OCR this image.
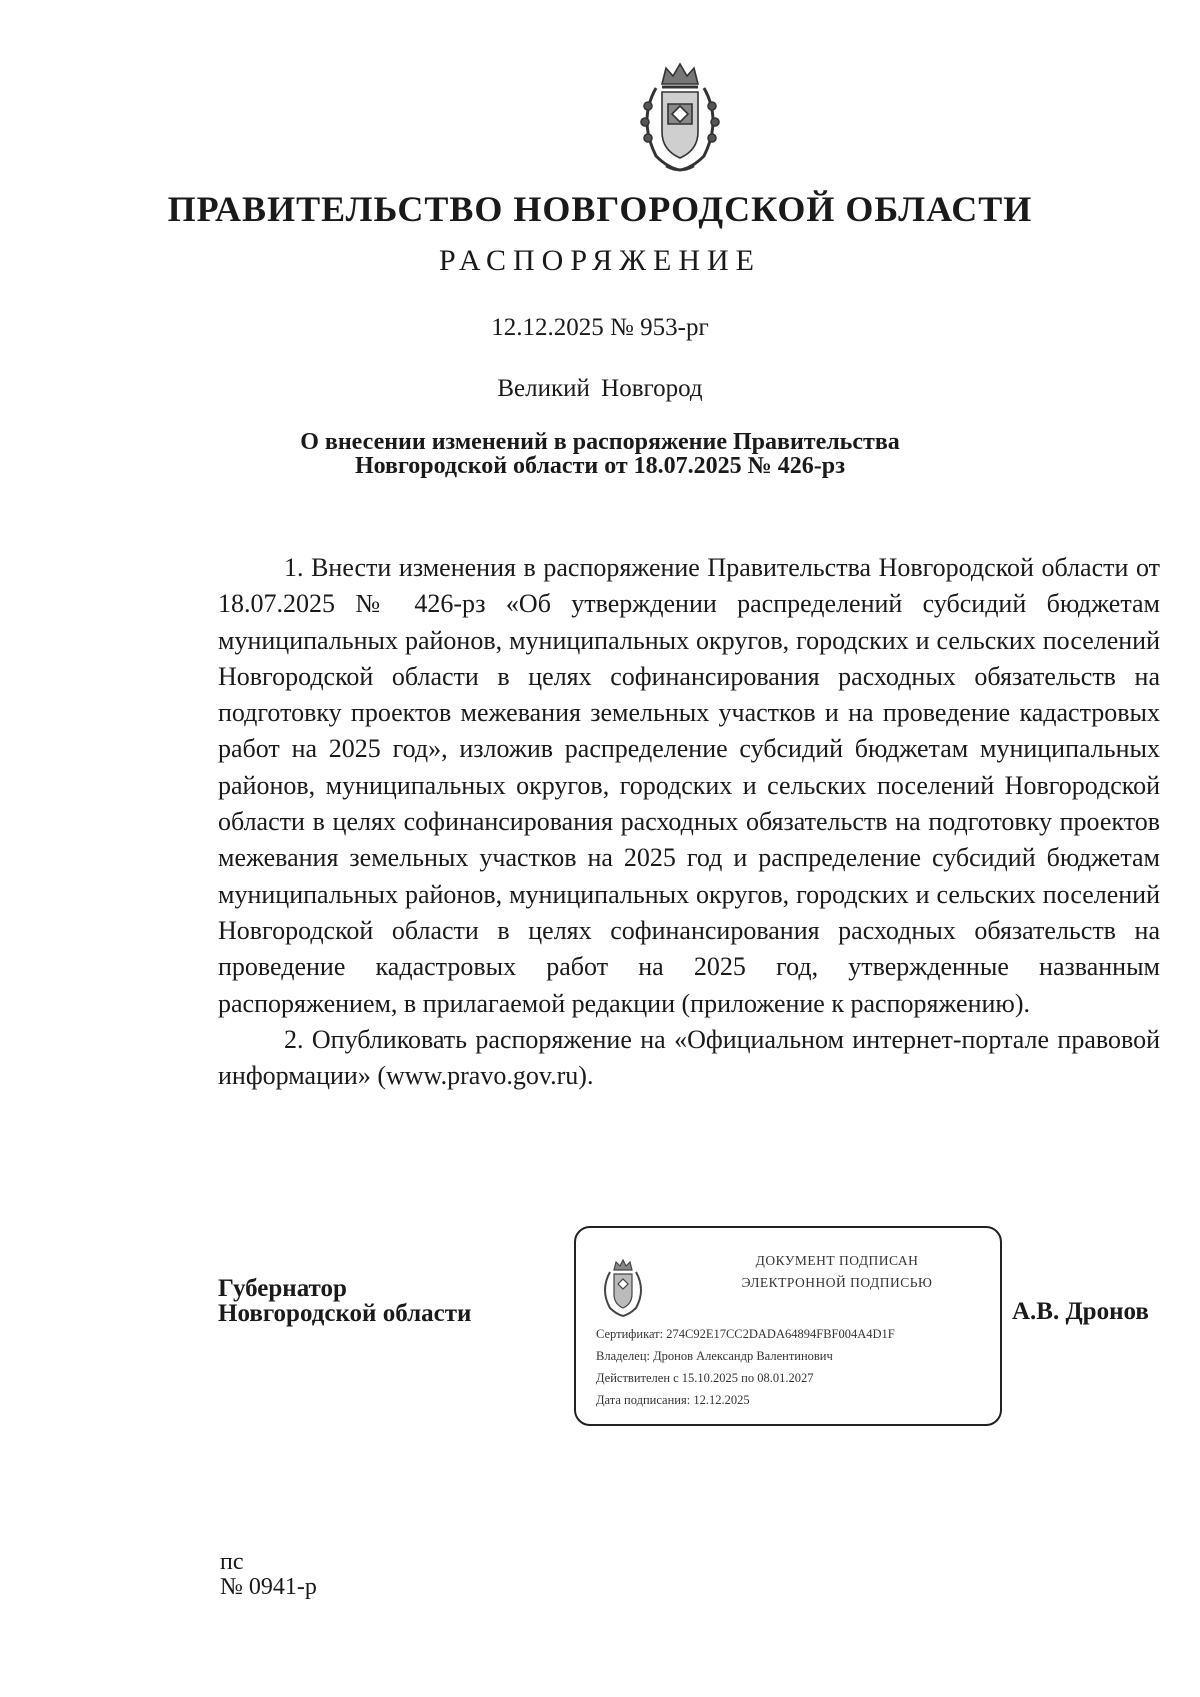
ПРАВИТЕЛЬСТВО НОВГОРОДСКОЙ ОБЛАСТИ
РАСПОРЯЖЕНИЕ
12.12.2025 № 953-рг
Великий Новгород
О внесении изменений в распоряжение Правительства
Новгородской области от 18.07.2025 № 426-рз

1. Внести изменения в распоряжение Правительства Новгородской области от 18.07.2025 № 426-рз «Об утверждении распределений субсидий бюджетам муниципальных районов, муниципальных округов, городских и сельских поселений Новгородской области в целях софинансирования расходных обязательств на подготовку проектов межевания земельных участков и на проведение кадастровых работ на 2025 год», изложив распределение субсидий бюджетам муниципальных районов, муниципальных округов, городских и сельских поселений Новгородской области в целях софинансирования расходных обязательств на подготовку проектов межевания земельных участков на 2025 год и распределение субсидий бюджетам муниципальных районов, муниципальных округов, городских и сельских поселений Новгородской области в целях софинансирования расходных обязательств на проведение кадастровых работ на 2025 год, утвержденные названным распоряжением, в прилагаемой редакции (приложение к распоряжению).

2. Опубликовать распоряжение на «Официальном интернет-портале правовой информации» (www.pravo.gov.ru).

Губернатор
Новгородской области
ДОКУМЕНТ ПОДПИСАН
ЭЛЕКТРОННОЙ ПОДПИСЬЮ
Сертификат: 274C92E17CC2DADA64894FBF004A4D1F
Владелец: Дронов Александр Валентинович
Действителен с 15.10.2025 по 08.01.2027
Дата подписания: 12.12.2025
А.В. Дронов
пс
№ 0941-р
